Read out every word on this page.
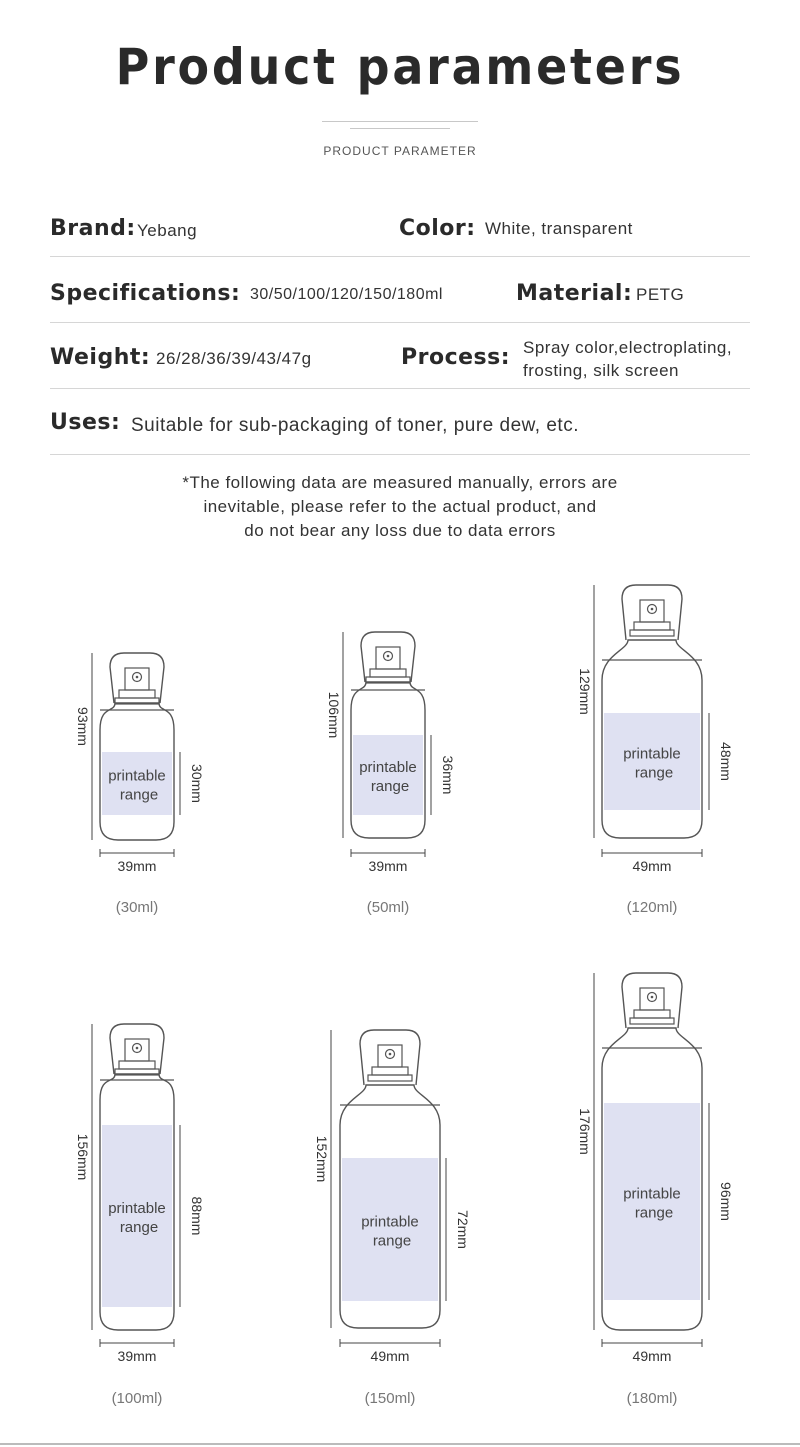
Product parameters
PRODUCT PARAMETER
Brand: Yebang	Color: White, transparent
Specifications: 30/50/100/120/150/180ml	Material: PETG
Weight: 26/28/36/39/43/47g	Process: Spray color,electroplating,
frosting, silk screen
Uses: Suitable for sub-packaging of toner, pure dew, etc.
*The following data are measured manually, errors are
inevitable, please refer to the actual product, and
do not bear any loss due to data errors
printable
range
93mm
30mm
39mm
(30ml)
printable
range
106mm
36mm
39mm
(50ml)
printable
range
129mm
48mm
49mm
(120ml)
printable
range
156mm
88mm
39mm
(100ml)
printable
range
152mm
72mm
49mm
(150ml)
printable
range
176mm
96mm
49mm
(180ml)
